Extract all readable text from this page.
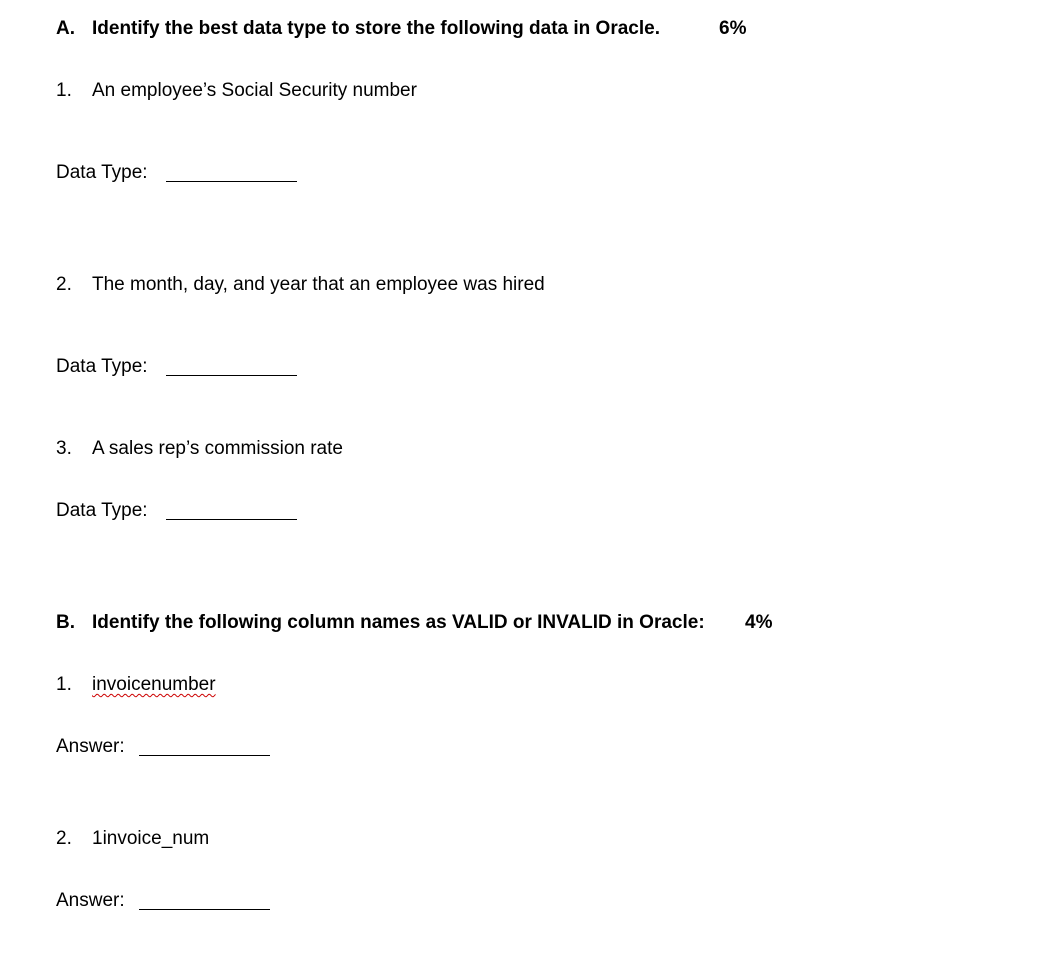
A. Identify the best data type to store the following data in Oracle.	6%
1. An employee’s Social Security number
Data Type:
2. The month, day, and year that an employee was hired
Data Type:
3. A sales rep’s commission rate
Data Type:
B. Identify the following column names as VALID or INVALID in Oracle: 4%
1. invoicenumber
Answer:
2. 1invoice_num
Answer:
